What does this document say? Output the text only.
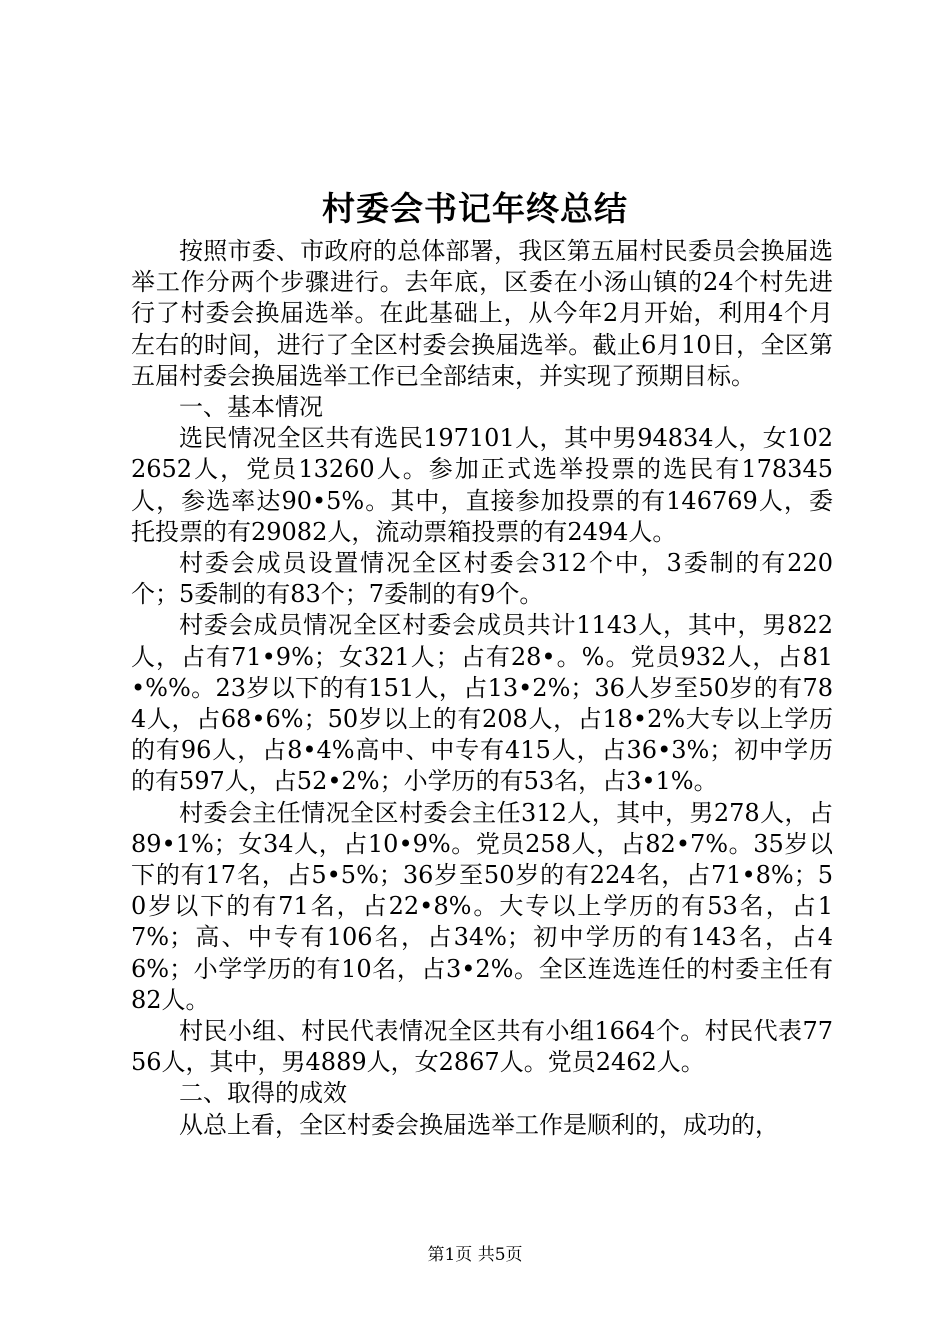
村委会书记年终总结

按照市委、市政府的总体部署，我区第五届村民委员会换届选举工作分两个步骤进行。去年底，区委在小汤山镇的24个村先进行了村委会换届选举。在此基础上，从今年2月开始，利用4个月左右的时间，进行了全区村委会换届选举。截止6月10日，全区第五届村委会换届选举工作已全部结束，并实现了预期目标。

一、基本情况

选民情况全区共有选民197101人，其中男94834人，女1022652人，党员13260人。参加正式选举投票的选民有178345人，参选率达90•5%。其中，直接参加投票的有146769人，委托投票的有29082人，流动票箱投票的有2494人。

村委会成员设置情况全区村委会312个中，3委制的有220个；5委制的有83个；7委制的有9个。

村委会成员情况全区村委会成员共计1143人，其中，男822人，占有71•9%；女321人；占有28•。%。党员932人，占81•%%。23岁以下的有151人，占13•2%；36人岁至50岁的有784人，占68•6%；50岁以上的有208人，占18•2%大专以上学历的有96人，占8•4%高中、中专有415人，占36•3%；初中学历的有597人，占52•2%；小学历的有53名，占3•1%。

村委会主任情况全区村委会主任312人，其中，男278人，占89•1%；女34人，占10•9%。党员258人，占82•7%。35岁以下的有17名，占5•5%；36岁至50岁的有224名，占71•8%；50岁以下的有71名，占22•8%。大专以上学历的有53名，占17%；高、中专有106名，占34%；初中学历的有143名，占46%；小学学历的有10名，占3•2%。全区连选连任的村委主任有82人。

村民小组、村民代表情况全区共有小组1664个。村民代表7756人，其中，男4889人，女2867人。党员2462人。

二、取得的成效

从总上看，全区村委会换届选举工作是顺利的，成功的，

第1页 共5页
